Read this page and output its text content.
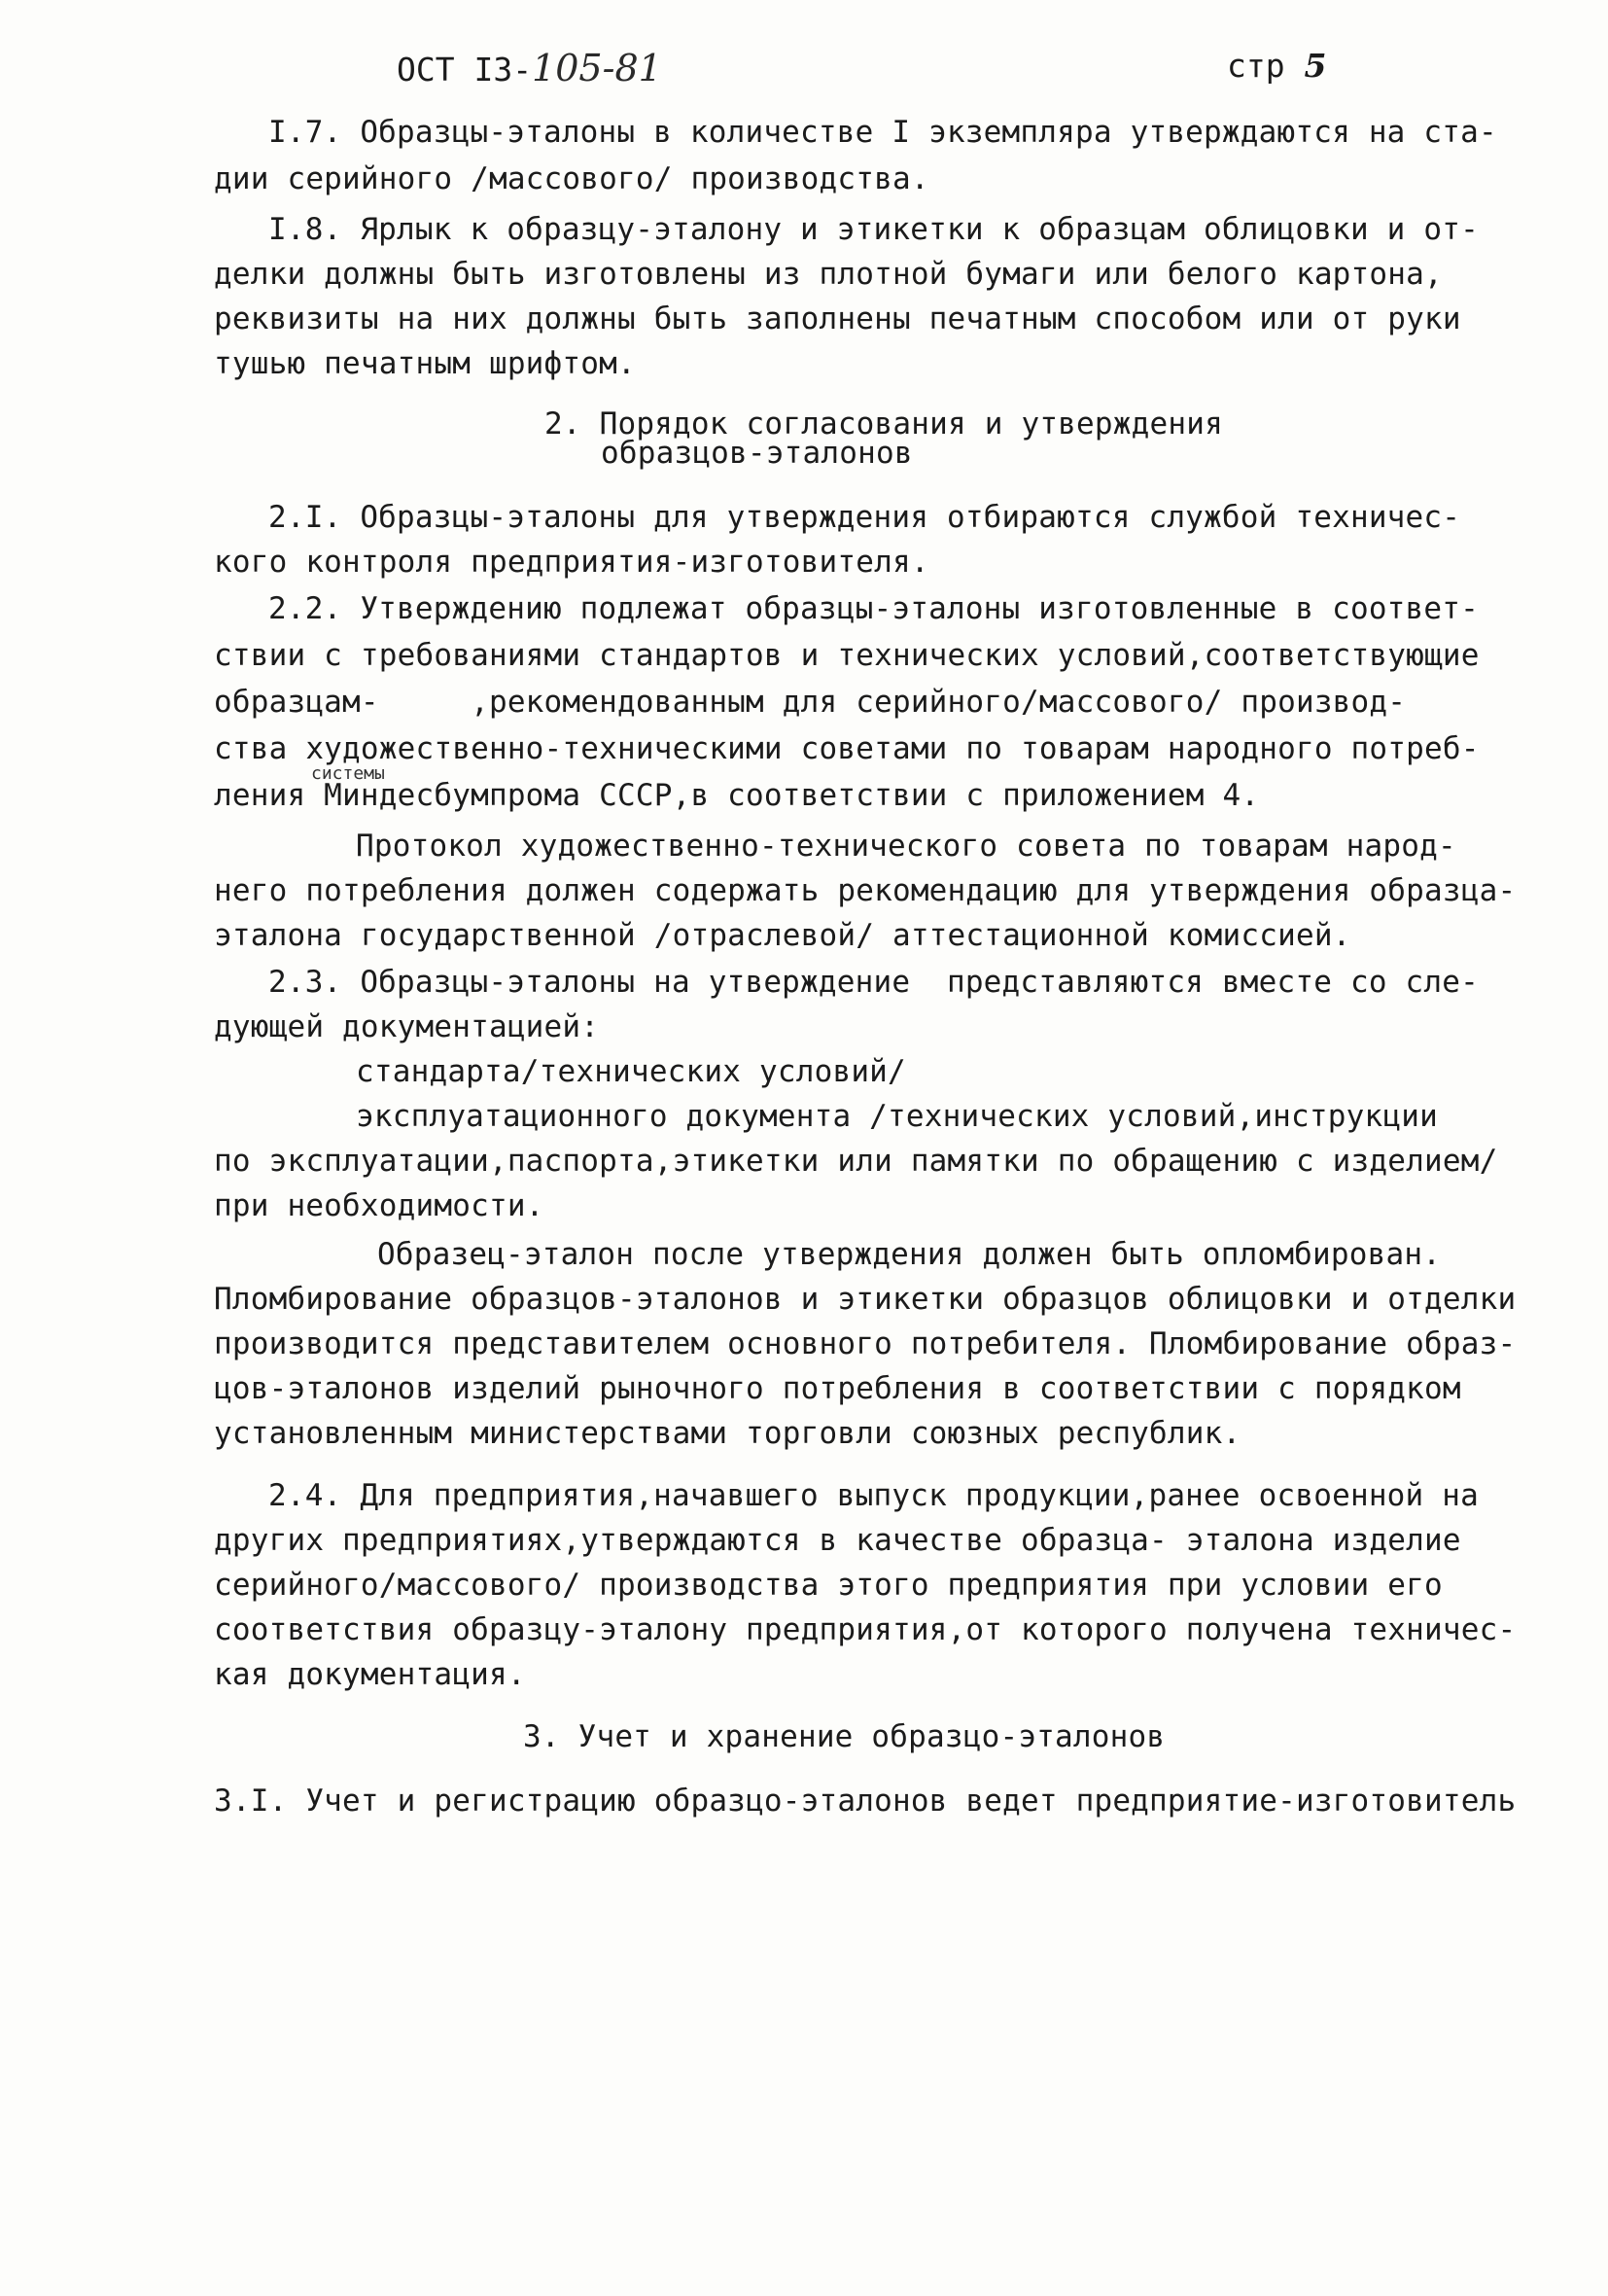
ОСТ I3-105-81	стр 5
I.7. Образцы-эталоны в количестве I экземпляра утверждаются на ста-
дии серийного /массового/ производства.
I.8. Ярлык к образцу-эталону и этикетки к образцам облицовки и от-
делки должны быть изготовлены из плотной бумаги или белого картона,
реквизиты на них должны быть заполнены печатным способом или от руки
тушью печатным шрифтом.
2. Порядок согласования и утверждения
образцов-эталонов
2.I. Образцы-эталоны для утверждения отбираются службой техничес-
кого контроля предприятия-изготовителя.
2.2. Утверждению подлежат образцы-эталоны изготовленные в соответ-
ствии с требованиями стандартов и технических условий,соответствующие
образцам-     ,рекомендованным для серийного/массового/ производ-
ства художественно-техническими советами по товарам народного потреб-
системы
ления Миндесбумпрома СССР,в соответствии с приложением 4.
Протокол художественно-технического совета по товарам народ-
него потребления должен содержать рекомендацию для утверждения образца-
эталона государственной /отраслевой/ аттестационной комиссией.
2.3. Образцы-эталоны на утверждение  представляются вместе со сле-
дующей документацией:
стандарта/технических условий/
эксплуатационного документа /технических условий,инструкции
по эксплуатации,паспорта,этикетки или памятки по обращению с изделием/
при необходимости.
Образец-эталон после утверждения должен быть опломбирован.
Пломбирование образцов-эталонов и этикетки образцов облицовки и отделки
производится представителем основного потребителя. Пломбирование образ-
цов-эталонов изделий рыночного потребления в соответствии с порядком
установленным министерствами торговли союзных республик.
2.4. Для предприятия,начавшего выпуск продукции,ранее освоенной на
других предприятиях,утверждаются в качестве образца- эталона изделие
серийного/массового/ производства этого предприятия при условии его
соответствия образцу-эталону предприятия,от которого получена техничес-
кая документация.
3. Учет и хранение образцо-эталонов
3.I. Учет и регистрацию образцо-эталонов ведет предприятие-изготовитель
